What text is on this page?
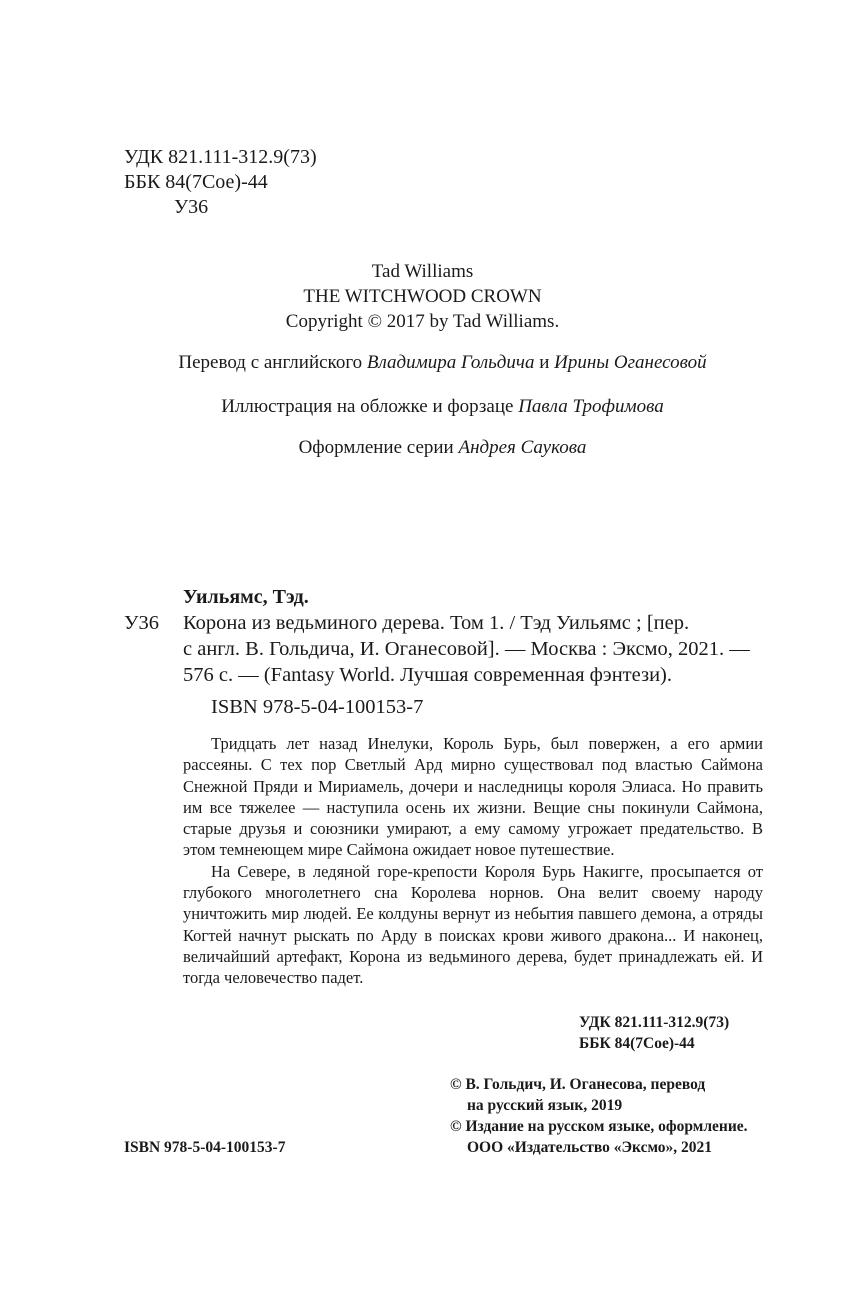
УДК 821.111-312.9(73)
ББК 84(7Сое)-44
У36
Tad Williams
THE WITCHWOOD CROWN
Copyright © 2017 by Tad Williams.
Перевод с английского Владимира Гольдича и Ирины Оганесовой
Иллюстрация на обложке и форзаце Павла Трофимова
Оформление серии Андрея Саукова
Уильямс, Тэд.
У36 Корона из ведьминого дерева. Том 1. / Тэд Уильямс ; [пер.
с англ. В. Гольдича, И. Оганесовой]. — Москва : Эксмо, 2021. —
576 с. — (Fantasy World. Лучшая современная фэнтези).
ISBN 978-5-04-100153-7

Тридцать лет назад Инелуки, Король Бурь, был повержен, а его армии рассеяны. С тех пор Светлый Ард мирно существовал под властью Саймона Снежной Пряди и Мириамель, дочери и наследницы короля Элиаса. Но править им все тяжелее — наступила осень их жизни. Вещие сны покинули Саймона, старые друзья и союзники умирают, а ему самому угрожает предательство. В этом темнеющем мире Саймона ожидает новое путешествие.

На Севере, в ледяной горе-крепости Короля Бурь Накигге, просыпается от глубокого многолетнего сна Королева норнов. Она велит своему народу уничтожить мир людей. Ее колдуны вернут из небытия павшего демона, а отряды Когтей начнут рыскать по Арду в поисках крови живого дракона... И наконец, величайший артефакт, Корона из ведьминого дерева, будет принадлежать ей. И тогда человечество падет.

УДК 821.111-312.9(73)
ББК 84(7Сое)-44
© В. Гольдич, И. Оганесова, перевод
на русский язык, 2019
© Издание на русском языке, оформление.
ISBN 978-5-04-100153-7	ООО «Издательство «Эксмо», 2021
